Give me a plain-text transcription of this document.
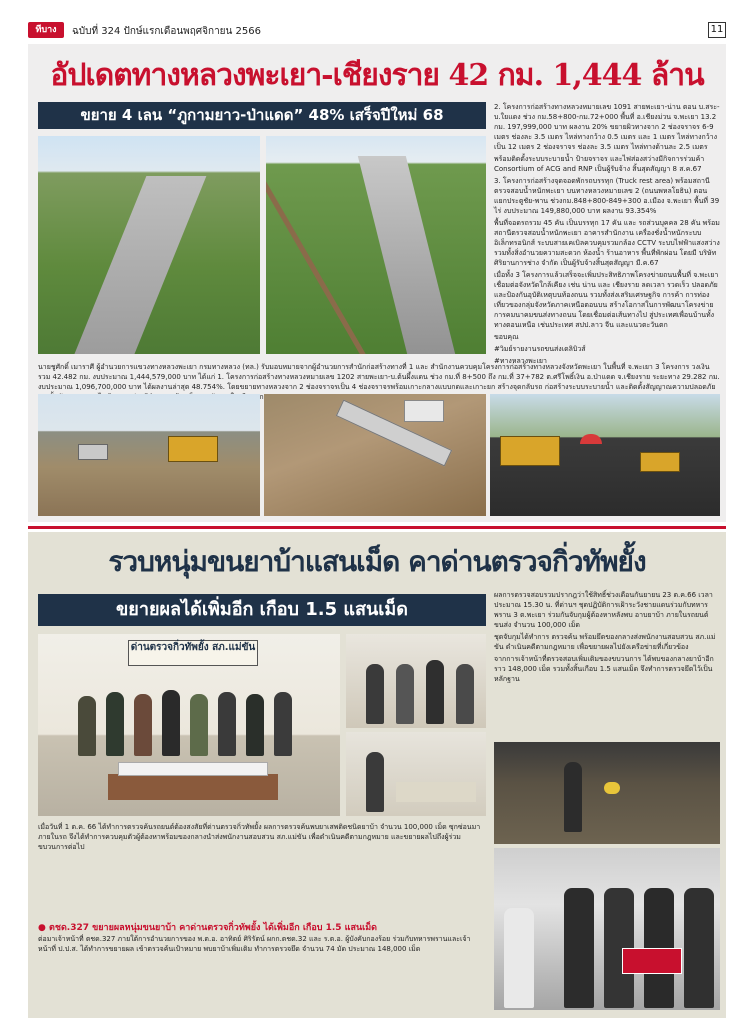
ทีบาง	ฉบับที่ 324 ปักษ์แรกเดือนพฤศจิกายน 2566	11
อัปเดตทางหลวงพะเยา-เชียงราย 42 กม. 1,444 ล้าน
ขยาย 4 เลน “ภูกามยาว-ป่าแดด” 48% เสร็จปีใหม่ 68	2. โครงการก่อสร้างทางหลวงหมายเลข 1091 สายพะเยา-น่าน ตอน บ.สระ-บ.ใยแดง ช่วง กม.58+800-กม.72+000 พื้นที่ อ.เชียงม่วน จ.พะเยา 13.2 กม. 197,999,000 บาท ผลงาน 20% ขยายผิวทางจาก 2 ช่องจราจร 6-9 เมตร ช่องละ 3.5 เมตร ไหล่ทางกว้าง 0.5 เมตร และ 1 เมตร ไหล่ทางกว้างเป็น 12 เมตร 2 ช่องจราจร ช่องละ 3.5 เมตร ไหล่ทางด้านละ 2.5 เมตร

พร้อมติดตั้งระบบระบายน้ำ ป้ายจราจร และไฟส่องสว่างมีกิจการร่วมค้า Consortium of ACG and RNP เป็นผู้รับจ้าง สิ้นสุดสัญญา 8 ส.ค.67

3. โครงการก่อสร้างจุดจอดพักรถบรรทุก (Truck rest area) พร้อมสถานีตรวจสอบน้ำหนักพะเยา บนทางหลวงหมายเลข 2 (ถนนพหลโยธิน) ตอนแยกประตูชัย-พาน ช่วงกม.848+800-849+300 อ.เมือง จ.พะเยา พื้นที่ 39 ไร่ งบประมาณ 149,880,000 บาท ผลงาน 93.354%

พื้นที่จอดรถรวม 45 คัน เป็นบรรทุก 17 คัน และ รถส่วนบุคคล 28 คัน พร้อมสถานีตรวจสอบน้ำหนักพะเยา อาคารสำนักงาน เครื่องชั่งน้ำหนักระบบอิเล็กทรอนิกส์ ระบบสายเคเบิลควบคุมรวมกล้อง CCTV ระบบไฟฟ้าแสงสว่าง รวมทั้งสิ่งอำนวยความสะดวก ห้องน้ำ ร้านอาหาร พื้นที่พักผ่อน โดยมี บริษัทศิริยานการช่าง จำกัด เป็นผู้รับจ้างสิ้นสุดสัญญา มี.ค.67

เมื่อทั้ง 3 โครงการแล้วเสร็จจะเพิ่มประสิทธิภาพโครงข่ายถนนพื้นที่ จ.พะเยา เชื่อมต่อจังหวัดใกล้เคียง เช่น น่าน และ เชียงราย ลดเวลา รวดเร็ว ปลอดภัย และป้องกันอุบัติเหตุบนท้องถนน รวมทั้งส่งเสริมเศรษฐกิจ การค้า การท่องเที่ยวของกลุ่มจังหวัดภาคเหนือตอนบน สร้างโอกาสในการพัฒนาโครงข่ายการคมนาคมขนส่งทางถนน โดยเชื่อมต่อเส้นทางไป สู่ประเทศเพื่อนบ้านทั้งทางตอนเหนือ เช่นประเทศ สปป.ลาว จีน และแนวตะวันตก

ขอบคุณ

#วิมย์รายงานรถขนส่งเดลิบิวส์

#ทางหลวงพะเยา

นายชูศักดิ์ เมาราศี ผู้อำนวยการแขวงทางหลวงพะเยา กรมทางหลวง (ทล.) รับมอบหมายจากผู้อำนวยการสำนักก่อสร้างทางที่ 1 และ สำนักงานควบคุมโครงการก่อสร้างทางหลวงจังหวัดพะเยา ในพื้นที่ จ.พะเยา 3 โครงการ วงเงินรวม 42.482 กม. งบประมาณ 1,444,579,000 บาท ได้แก่ 1. โครงการก่อสร้างทางหลวงหมายเลข 1202 สายพะเยา-บ.ต้นผึ้งแดน ช่วง กม.ที่ 8+500 ถึง กม.ที่ 37+782 ต.ศรีโพธิ์เงิน อ.ป่าแดด จ.เชียงราย ระยะทาง 29.282 กม. งบประมาณ 1,096,700,000 บาท ได้ผลงานล่าสุด 48.754%. โดยขยายทางหลวงจาก 2 ช่องจราจรเป็น 4 ช่องจราจรพร้อมเกาะกลางแบบกดและเกาะยก สร้างจุดกลับรถ ก่อสร้างระบบระบายน้ำ และติดตั้งสัญญาณความปลอดภัย
รวบหนุ่มขนยาบ้าแสนเม็ด คาด่านตรวจกิ่วทัพยั้ง
ขยายผลได้เพิ่มอีก เกือบ 1.5 แสนเม็ด
ด่านตรวจกิ่วทัพยั้ง สภ.แม่ขัน

ผลการตรวจสอบรวมปรากฎว่าใช้สิทธิ์ช่วงเดือนกันยายน 23 ต.ค.66 เวลา ประมาณ 15.30 น. ที่ด่านฯ ชุดปฏิบัติการเฝ้าระวังชายแดนร่วมกับทหารพราน 3 ต.พะเยา ร่วมกันจับกุมผู้ต้องหาหลังพบ อาบยาบ้า ภายในรถยนต์ขนส่ง จำนวน 100,000 เม็ด

ชุดจับกุมได้ทำการ ตรวจค้น พร้อมยึดของกลางส่งพนักงานสอบสวน สภ.แม่ขัน ดำเนินคดีตามกฎหมาย เพื่อขยายผลไปยังเครือข่ายที่เกี่ยวข้อง

จากการเจ้าหน้าที่ตรวจสอบเพิ่มเติมของขบวนการ ได้พบของกลางยาบ้าอีกราว 148,000 เม็ด รวมทั้งสิ้นเกือบ 1.5 แสนเม็ด จึงทำการตรวจยึดไว้เป็นหลักฐาน

เมื่อวันที่ 1 ต.ค. 66 ได้ทำการตรวจค้นรถยนต์ต้องสงสัยที่ด่านตรวจกิ่วทัพยั้ง ผลการตรวจค้นพบยาเสพติดชนิดยาบ้า จำนวน 100,000 เม็ด ซุกซ่อนมาภายในรถ จึงได้ทำการควบคุมตัวผู้ต้องหาพร้อมของกลางนำส่งพนักงานสอบสวน สภ.แม่ขัน เพื่อดำเนินคดีตามกฎหมาย และขยายผลไปถึงผู้ร่วมขบวนการต่อไป
● ตชด.327 ขยายผลหนุ่มขนยาบ้า คาด่านตรวจกิ่วทัพยั้ง ได้เพิ่มอีก เกือบ 1.5 แสนเม็ด
ต่อมาเจ้าหน้าที่ ตชด.327 ภายใต้การอำนวยการของ พ.ต.อ. อาทิตย์ ศิริรัตน์ ผกก.ตชด.32 และ ร.ต.อ. ผู้บังคับกองร้อย ร่วมกับทหารพรานและเจ้าหน้าที่ ป.ป.ส. ได้ทำการขยายผล เข้าตรวจค้นเป้าหมาย พบยาบ้าเพิ่มเติม ทำการตรวจยึด จำนวน 74 มัด ประมาณ 148,000 เม็ด
